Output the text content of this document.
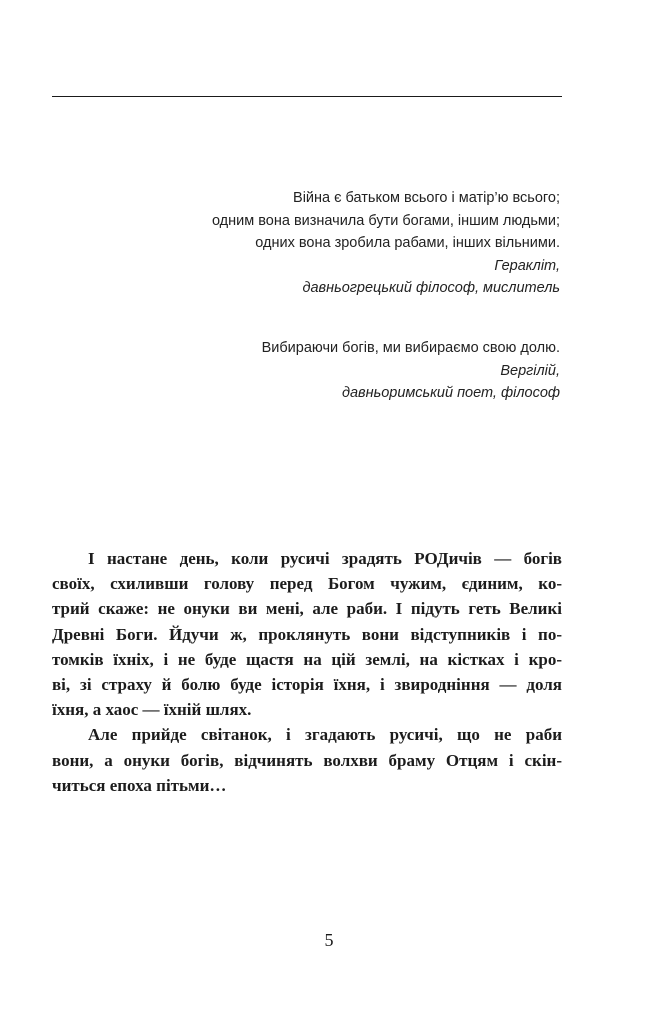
Війна є батьком всього і матір’ю всього;
одним вона визначила бути богами, іншим людьми;
одних вона зробила рабами, інших вільними.
Геракліт,
давньогрецький філософ, мислитель
Вибираючи богів, ми вибираємо свою долю.
Вергілій,
давньоримський поет, філософ
І настане день, коли русичі зрадять РОДичів — богів
своїх, схиливши голову перед Богом чужим, єдиним, ко-
трий скаже: не онуки ви мені, але раби. І підуть геть Великі
Древні Боги. Йдучи ж, проклянуть вони відступників і по-
томків їхніх, і не буде щастя на цій землі, на кістках і кро-
ві, зі страху й болю буде історія їхня, і звиродніння — доля
їхня, а хаос — їхній шлях.
Але прийде світанок, і згадають русичі, що не раби
вони, а онуки богів, відчинять волхви браму Отцям і скін-
читься епоха пітьми…
5
